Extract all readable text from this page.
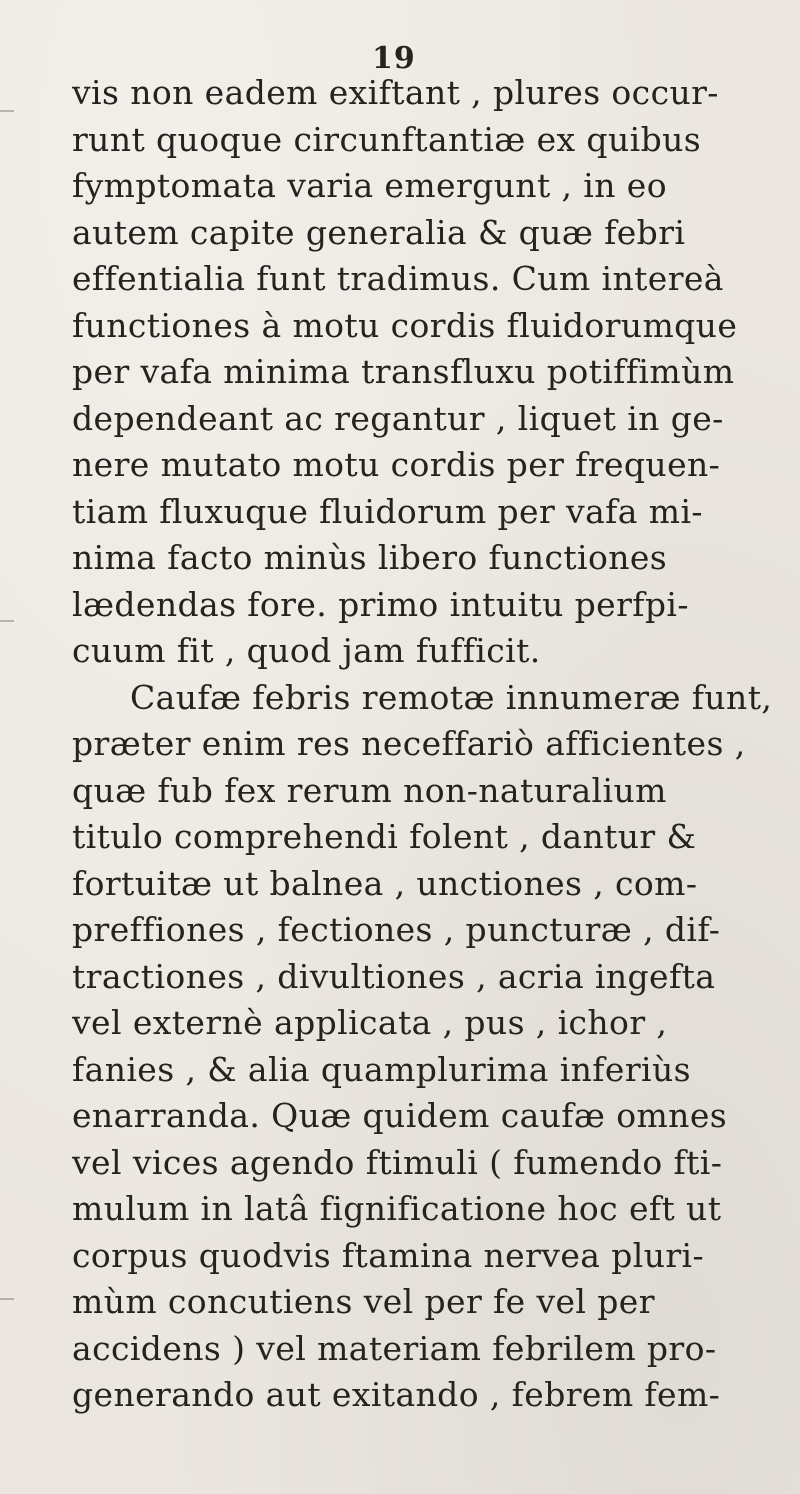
19
vis non eadem exiftant , plures occur-
runt quoque circunftantiæ ex quibus
fymptomata varia emergunt , in eo
autem capite generalia & quæ febri
effentialia funt tradimus. Cum intereà
functiones à motu cordis fluidorumque
per vafa minima transfluxu potiffimùm
dependeant ac regantur , liquet in ge-
nere mutato motu cordis per frequen-
tiam fluxuque fluidorum per vafa mi-
nima facto minùs libero functiones
lædendas fore. primo intuitu perfpi-
cuum fit , quod jam fufficit.
Caufæ febris remotæ innumeræ funt,
præter enim res neceffariò afficientes ,
quæ fub fex rerum non-naturalium
titulo comprehendi folent , dantur &
fortuitæ ut balnea , unctiones , com-
preffiones , fectiones , puncturæ , dif-
tractiones , divultiones , acria ingefta
vel externè applicata , pus , ichor ,
fanies , & alia quamplurima inferiùs
enarranda. Quæ quidem caufæ omnes
vel vices agendo ftimuli ( fumendo fti-
mulum in latâ fignificatione hoc eft ut
corpus quodvis ftamina nervea pluri-
mùm concutiens vel per fe vel per
accidens ) vel materiam febrilem pro-
generando aut exitando , febrem fem-
